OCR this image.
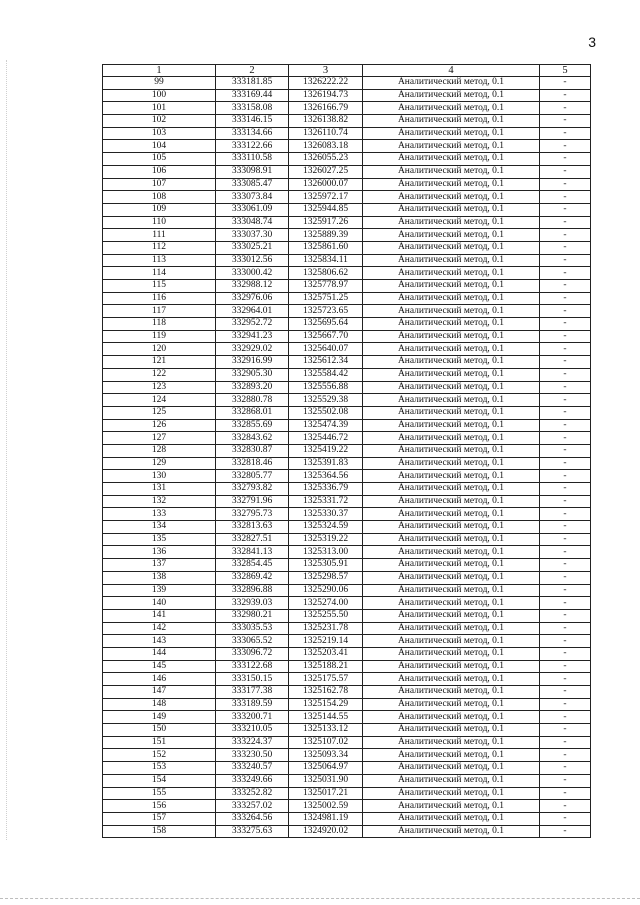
3
1	2	3	4	5
99	333181.85	1326222.22	Аналитический метод, 0.1	-
100	333169.44	1326194.73	Аналитический метод, 0.1	-
101	333158.08	1326166.79	Аналитический метод, 0.1	-
102	333146.15	1326138.82	Аналитический метод, 0.1	-
103	333134.66	1326110.74	Аналитический метод, 0.1	-
104	333122.66	1326083.18	Аналитический метод, 0.1	-
105	333110.58	1326055.23	Аналитический метод, 0.1	-
106	333098.91	1326027.25	Аналитический метод, 0.1	-
107	333085.47	1326000.07	Аналитический метод, 0.1	-
108	333073.84	1325972.17	Аналитический метод, 0.1	-
109	333061.09	1325944.85	Аналитический метод, 0.1	-
110	333048.74	1325917.26	Аналитический метод, 0.1	-
111	333037.30	1325889.39	Аналитический метод, 0.1	-
112	333025.21	1325861.60	Аналитический метод, 0.1	-
113	333012.56	1325834.11	Аналитический метод, 0.1	-
114	333000.42	1325806.62	Аналитический метод, 0.1	-
115	332988.12	1325778.97	Аналитический метод, 0.1	-
116	332976.06	1325751.25	Аналитический метод, 0.1	-
117	332964.01	1325723.65	Аналитический метод, 0.1	-
118	332952.72	1325695.64	Аналитический метод, 0.1	-
119	332941.23	1325667.70	Аналитический метод, 0.1	-
120	332929.02	1325640.07	Аналитический метод, 0.1	-
121	332916.99	1325612.34	Аналитический метод, 0.1	-
122	332905.30	1325584.42	Аналитический метод, 0.1	-
123	332893.20	1325556.88	Аналитический метод, 0.1	-
124	332880.78	1325529.38	Аналитический метод, 0.1	-
125	332868.01	1325502.08	Аналитический метод, 0.1	-
126	332855.69	1325474.39	Аналитический метод, 0.1	-
127	332843.62	1325446.72	Аналитический метод, 0.1	-
128	332830.87	1325419.22	Аналитический метод, 0.1	-
129	332818.46	1325391.83	Аналитический метод, 0.1	-
130	332805.77	1325364.56	Аналитический метод, 0.1	-
131	332793.82	1325336.79	Аналитический метод, 0.1	-
132	332791.96	1325331.72	Аналитический метод, 0.1	-
133	332795.73	1325330.37	Аналитический метод, 0.1	-
134	332813.63	1325324.59	Аналитический метод, 0.1	-
135	332827.51	1325319.22	Аналитический метод, 0.1	-
136	332841.13	1325313.00	Аналитический метод, 0.1	-
137	332854.45	1325305.91	Аналитический метод, 0.1	-
138	332869.42	1325298.57	Аналитический метод, 0.1	-
139	332896.88	1325290.06	Аналитический метод, 0.1	-
140	332939.03	1325274.00	Аналитический метод, 0.1	-
141	332980.21	1325255.50	Аналитический метод, 0.1	-
142	333035.53	1325231.78	Аналитический метод, 0.1	-
143	333065.52	1325219.14	Аналитический метод, 0.1	-
144	333096.72	1325203.41	Аналитический метод, 0.1	-
145	333122.68	1325188.21	Аналитический метод, 0.1	-
146	333150.15	1325175.57	Аналитический метод, 0.1	-
147	333177.38	1325162.78	Аналитический метод, 0.1	-
148	333189.59	1325154.29	Аналитический метод, 0.1	-
149	333200.71	1325144.55	Аналитический метод, 0.1	-
150	333210.05	1325133.12	Аналитический метод, 0.1	-
151	333224.37	1325107.02	Аналитический метод, 0.1	-
152	333230.50	1325093.34	Аналитический метод, 0.1	-
153	333240.57	1325064.97	Аналитический метод, 0.1	-
154	333249.66	1325031.90	Аналитический метод, 0.1	-
155	333252.82	1325017.21	Аналитический метод, 0.1	-
156	333257.02	1325002.59	Аналитический метод, 0.1	-
157	333264.56	1324981.19	Аналитический метод, 0.1	-
158	333275.63	1324920.02	Аналитический метод, 0.1	-
